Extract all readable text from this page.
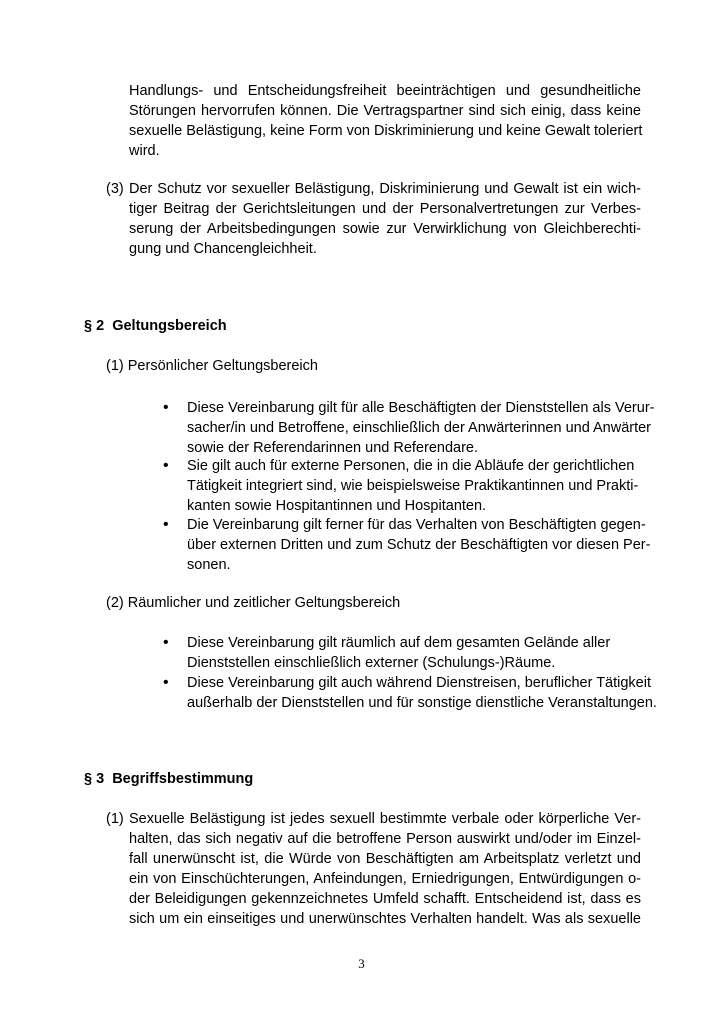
Handlungs- und Entscheidungsfreiheit beeinträchtigen und gesundheitliche
Störungen hervorrufen können. Die Vertragspartner sind sich einig, dass keine
sexuelle Belästigung, keine Form von Diskriminierung und keine Gewalt toleriert
wird.
(3) Der Schutz vor sexueller Belästigung, Diskriminierung und Gewalt ist ein wich-
tiger Beitrag der Gerichtsleitungen und der Personalvertretungen zur Verbes-
serung der Arbeitsbedingungen sowie zur Verwirklichung von Gleichberechti-
gung und Chancengleichheit.
§ 2  Geltungsbereich
(1) Persönlicher Geltungsbereich
• Diese Vereinbarung gilt für alle Beschäftigten der Dienststellen als Verur-
sacher/in und Betroffene, einschließlich der Anwärterinnen und Anwärter
sowie der Referendarinnen und Referendare.
• Sie gilt auch für externe Personen, die in die Abläufe der gerichtlichen
Tätigkeit integriert sind, wie beispielsweise Praktikantinnen und Prakti-
kanten sowie Hospitantinnen und Hospitanten.
• Die Vereinbarung gilt ferner für das Verhalten von Beschäftigten gegen-
über externen Dritten und zum Schutz der Beschäftigten vor diesen Per-
sonen.
(2) Räumlicher und zeitlicher Geltungsbereich
• Diese Vereinbarung gilt räumlich auf dem gesamten Gelände aller
Dienststellen einschließlich externer (Schulungs-)Räume.
• Diese Vereinbarung gilt auch während Dienstreisen, beruflicher Tätigkeit
außerhalb der Dienststellen und für sonstige dienstliche Veranstaltungen.
§ 3  Begriffsbestimmung
(1) Sexuelle Belästigung ist jedes sexuell bestimmte verbale oder körperliche Ver-
halten, das sich negativ auf die betroffene Person auswirkt und/oder im Einzel-
fall unerwünscht ist, die Würde von Beschäftigten am Arbeitsplatz verletzt und
ein von Einschüchterungen, Anfeindungen, Erniedrigungen, Entwürdigungen o-
der Beleidigungen gekennzeichnetes Umfeld schafft. Entscheidend ist, dass es
sich um ein einseitiges und unerwünschtes Verhalten handelt. Was als sexuelle
3
